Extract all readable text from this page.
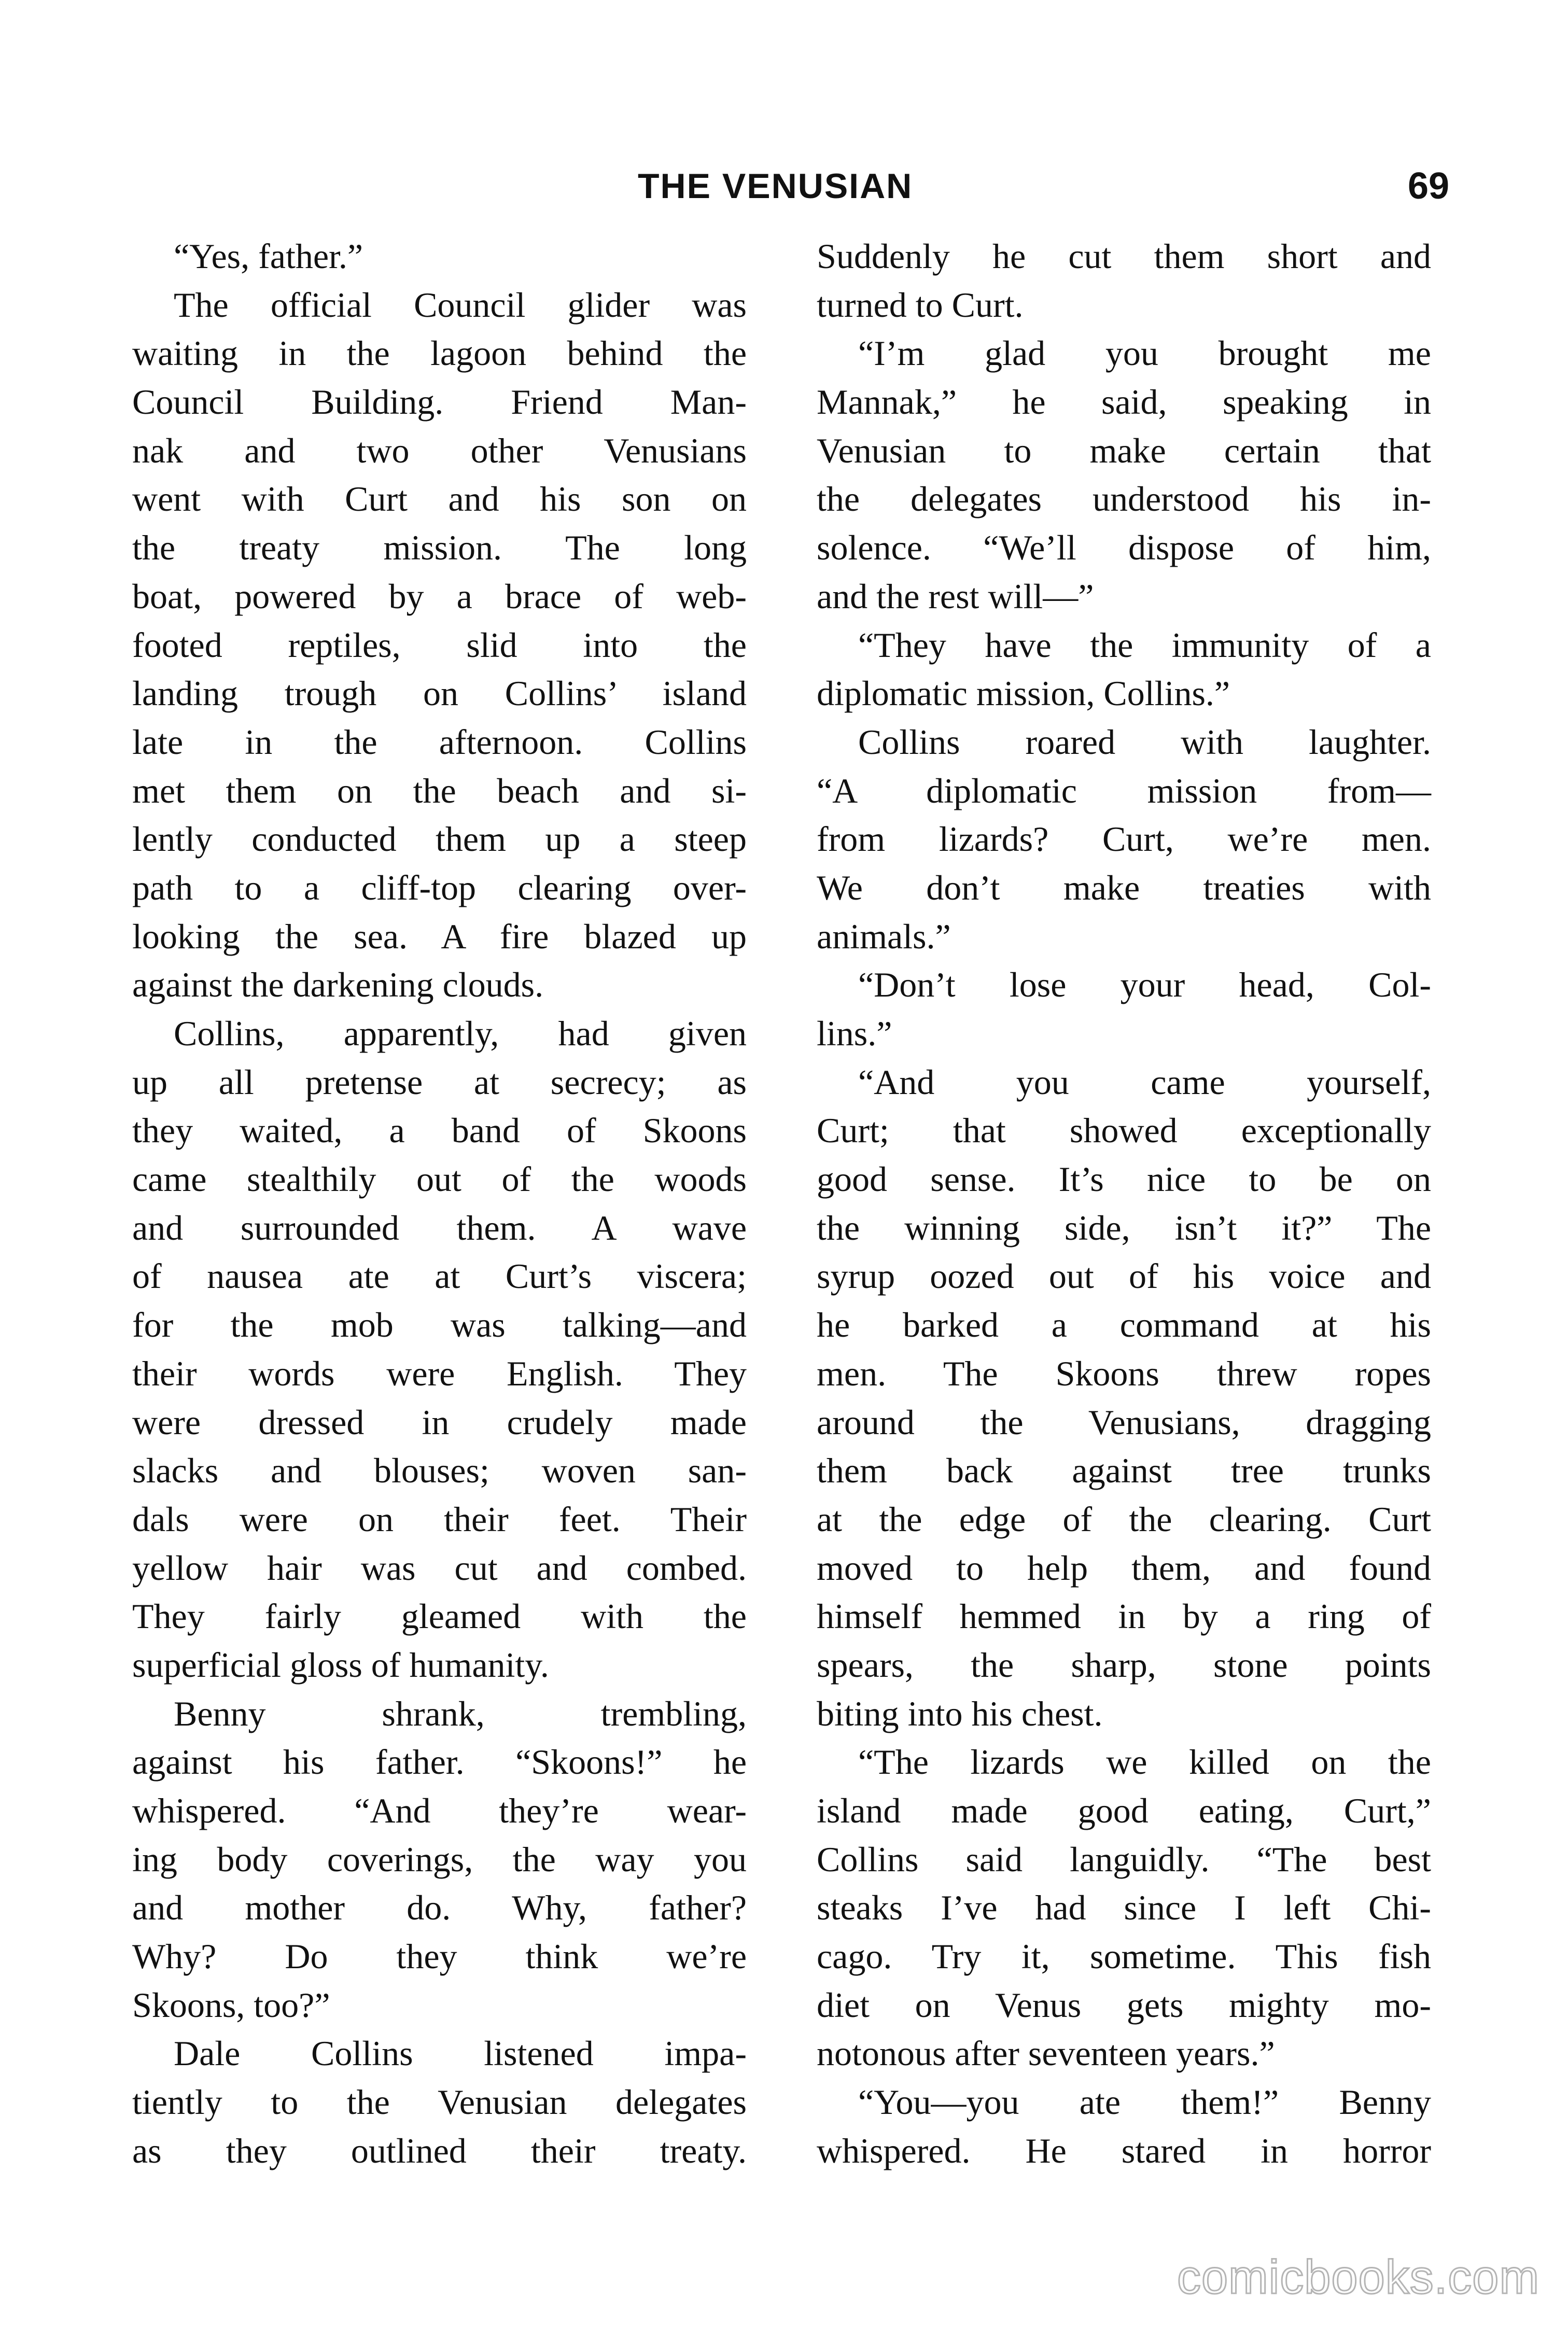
THE VENUSIAN	69
“Yes, father.”
The official Council glider was
waiting in the lagoon behind the
Council Building. Friend Man-
nak and two other Venusians
went with Curt and his son on
the treaty mission. The long
boat, powered by a brace of web-
footed reptiles, slid into the
landing trough on Collins’ island
late in the afternoon. Collins
met them on the beach and si-
lently conducted them up a steep
path to a cliff-top clearing over-
looking the sea. A fire blazed up
against the darkening clouds.
Collins, apparently, had given
up all pretense at secrecy; as
they waited, a band of Skoons
came stealthily out of the woods
and surrounded them. A wave
of nausea ate at Curt’s viscera;
for the mob was talking—and
their words were English. They
were dressed in crudely made
slacks and blouses; woven san-
dals were on their feet. Their
yellow hair was cut and combed.
They fairly gleamed with the
superficial gloss of humanity.
Benny shrank, trembling,
against his father. “Skoons!” he
whispered. “And they’re wear-
ing body coverings, the way you
and mother do. Why, father?
Why? Do they think we’re
Skoons, too?”
Dale Collins listened impa-
tiently to the Venusian delegates
as they outlined their treaty.
Suddenly he cut them short and
turned to Curt.
“I’m glad you brought me
Mannak,” he said, speaking in
Venusian to make certain that
the delegates understood his in-
solence. “We’ll dispose of him,
and the rest will—”
“They have the immunity of a
diplomatic mission, Collins.”
Collins roared with laughter.
“A diplomatic mission from—
from lizards? Curt, we’re men.
We don’t make treaties with
animals.”
“Don’t lose your head, Col-
lins.”
“And you came yourself,
Curt; that showed exceptionally
good sense. It’s nice to be on
the winning side, isn’t it?” The
syrup oozed out of his voice and
he barked a command at his
men. The Skoons threw ropes
around the Venusians, dragging
them back against tree trunks
at the edge of the clearing. Curt
moved to help them, and found
himself hemmed in by a ring of
spears, the sharp, stone points
biting into his chest.
“The lizards we killed on the
island made good eating, Curt,”
Collins said languidly. “The best
steaks I’ve had since I left Chi-
cago. Try it, sometime. This fish
diet on Venus gets mighty mo-
notonous after seventeen years.”
“You—you ate them!” Benny
whispered. He stared in horror
comicbooks.com
